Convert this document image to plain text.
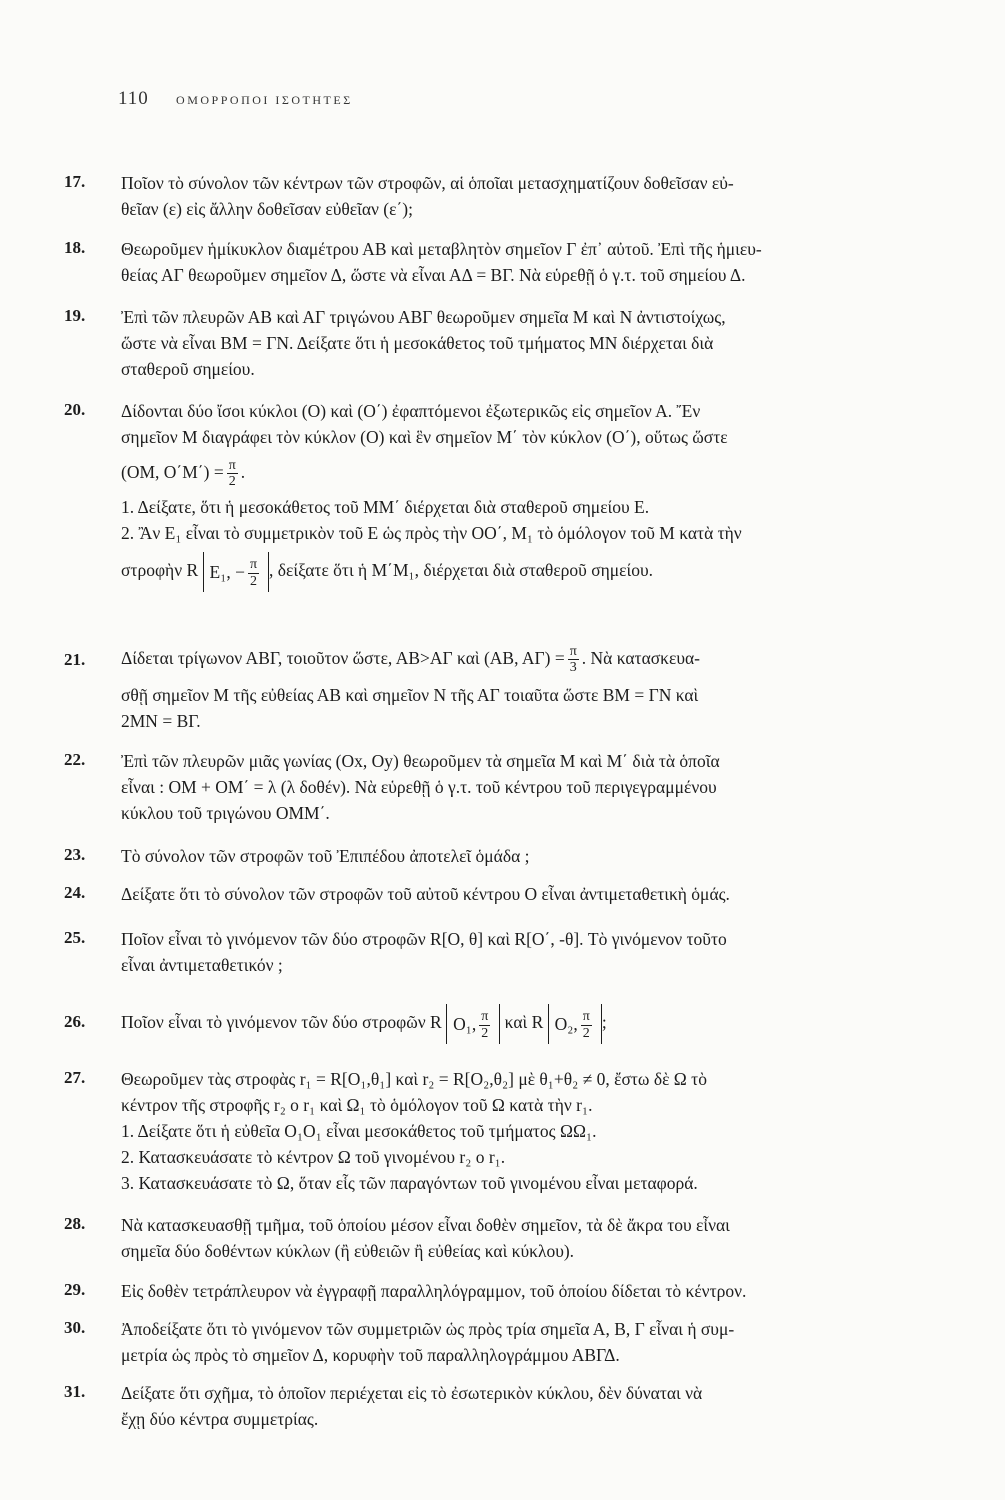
110 ΟΜΟΡΡΟΠΟΙ ΙΣΟΤΗΤΕΣ
17. Ποῖον τὸ σύνολον τῶν κέντρων τῶν στροφῶν, αἱ ὁποῖαι μετασχηματίζουν δοθεῖσαν εὐ-
θεῖαν (ε) εἰς ἄλλην δοθεῖσαν εὐθεῖαν (ε΄);
18. Θεωροῦμεν ἡμίκυκλον διαμέτρου ΑΒ καὶ μεταβλητὸν σημεῖον Γ ἐπ᾽ αὐτοῦ. Ἐπὶ τῆς ἡμιευ-
θείας ΑΓ θεωροῦμεν σημεῖον Δ, ὥστε νὰ εἶναι ΑΔ = ΒΓ. Νὰ εὑρεθῇ ὁ γ.τ. τοῦ σημείου Δ.
19. Ἐπὶ τῶν πλευρῶν ΑΒ καὶ ΑΓ τριγώνου ΑΒΓ θεωροῦμεν σημεῖα Μ καὶ Ν ἀντιστοίχως,
ὥστε νὰ εἶναι ΒΜ = ΓΝ. Δείξατε ὅτι ἡ μεσοκάθετος τοῦ τμήματος ΜΝ διέρχεται διὰ
σταθεροῦ σημείου.
20. Δίδονται δύο ἴσοι κύκλοι (Ο) καὶ (Ο΄) ἐφαπτόμενοι ἐξωτερικῶς εἰς σημεῖον Α. Ἔν
σημεῖον Μ διαγράφει τὸν κύκλον (Ο) καὶ ἓν σημεῖον Μ΄ τὸν κύκλον (Ο΄), οὕτως ὥστε
(ΟΜ, $O΄M΄) = \frac{\pi}{2}$ .
1. Δείξατε, ὅτι ἡ μεσοκάθετος τοῦ ΜΜ΄ διέρχεται διὰ σταθεροῦ σημείου Ε.
2. Ἂν Ε₁ εἶναι τὸ συμμετρικὸν τοῦ Ε ὡς πρὸς τὴν ΟΟ΄, Μ₁ τὸ ὁμόλογον τοῦ Μ κατὰ τὴν
στροφὴν R Ε₁, − $\frac{\pi}{2}$ , δείξατε ὅτι ἡ Μ΄Μ₁, διέρχεται διὰ σταθεροῦ σημείου.
21. Δίδεται τρίγωνον ΑΒΓ, τοιοῦτον ὥστε, ΑΒ>ΑΓ καὶ (ΑΒ, $A\Gamma) = \frac{\pi}{3}$ . Νὰ κατασκευα-
σθῇ σημεῖον Μ τῆς εὐθείας ΑΒ καὶ σημεῖον Ν τῆς ΑΓ τοιαῦτα ὥστε ΒΜ = ΓΝ καὶ
2ΜΝ = ΒΓ.
22. Ἐπὶ τῶν πλευρῶν μιᾶς γωνίας (Οx, Οy) θεωροῦμεν τὰ σημεῖα Μ καὶ Μ΄ διὰ τὰ ὁποῖα
εἶναι : ΟΜ + ΟΜ΄ = λ (λ δοθέν). Νὰ εὑρεθῇ ὁ γ.τ. τοῦ κέντρου τοῦ περιγεγραμμένου
κύκλου τοῦ τριγώνου ΟΜΜ΄.
23. Τὸ σύνολον τῶν στροφῶν τοῦ Ἐπιπέδου ἀποτελεῖ ὁμάδα ;
24. Δείξατε ὅτι τὸ σύνολον τῶν στροφῶν τοῦ αὐτοῦ κέντρου Ο εἶναι ἀντιμεταθετικὴ ὁμάς.
25. Ποῖον εἶναι τὸ γινόμενον τῶν δύο στροφῶν R[Ο, θ] καὶ R[Ο΄, -θ]. Τὸ γινόμενον τοῦτο
εἶναι ἀντιμεταθετικόν ;
26. Ποῖον εἶναι τὸ γινόμενον τῶν δύο στροφῶν R Ο₁, $\frac{\pi}{2}$ καὶ R Ο₂, $\frac{\pi}{2}$ ;
27. Θεωροῦμεν τὰς στροφὰς r₁ = R[Ο₁,θ₁] καὶ r₂ = R[Ο₂,θ₂] μὲ θ₁+θ₂ ≠ 0, ἔστω δὲ Ω τὸ
κέντρον τῆς στροφῆς r₂ ο r₁ καὶ Ω₁ τὸ ὁμόλογον τοῦ Ω κατὰ τὴν r₁.
1. Δείξατε ὅτι ἡ εὐθεῖα Ο₁Ο₁ εἶναι μεσοκάθετος τοῦ τμήματος ΩΩ₁.
2. Κατασκευάσατε τὸ κέντρον Ω τοῦ γινομένου r₂ ο r₁.
3. Κατασκευάσατε τὸ Ω, ὅταν εἷς τῶν παραγόντων τοῦ γινομένου εἶναι μεταφορά.
28. Νὰ κατασκευασθῇ τμῆμα, τοῦ ὁποίου μέσον εἶναι δοθὲν σημεῖον, τὰ δὲ ἄκρα του εἶναι
σημεῖα δύο δοθέντων κύκλων (ἢ εὐθειῶν ἢ εὐθείας καὶ κύκλου).
29. Εἰς δοθὲν τετράπλευρον νὰ ἐγγραφῇ παραλληλόγραμμον, τοῦ ὁποίου δίδεται τὸ κέντρον.
30. Ἀποδείξατε ὅτι τὸ γινόμενον τῶν συμμετριῶν ὡς πρὸς τρία σημεῖα Α, Β, Γ εἶναι ἡ συμ-
μετρία ὡς πρὸς τὸ σημεῖον Δ, κορυφὴν τοῦ παραλληλογράμμου ΑΒΓΔ.
31. Δείξατε ὅτι σχῆμα, τὸ ὁποῖον περιέχεται εἰς τὸ ἐσωτερικὸν κύκλου, δὲν δύναται νὰ
ἔχῃ δύο κέντρα συμμετρίας.
